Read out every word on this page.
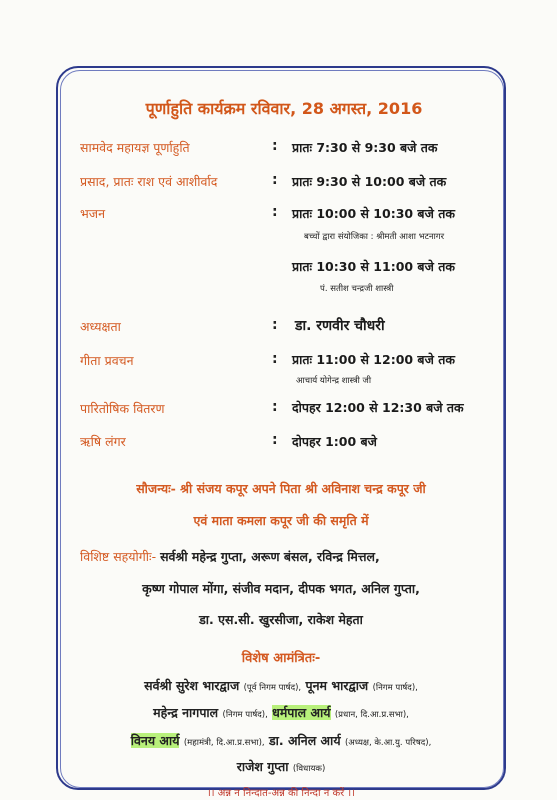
पूर्णाहुति कार्यक्रम रविवार, 28 अगस्त, 2016
सामवेद महायज्ञ पूर्णाहुति	: प्रातः 7:30 से 9:30 बजे तक
प्रसाद, प्रातः राश एवं आशीर्वाद	: प्रातः 9:30 से 10:00 बजे तक
भजन	: प्रातः 10:00 से 10:30 बजे तक
बच्चों द्वारा संयोजिका : श्रीमती आशा भटनागर
प्रातः 10:30 से 11:00 बजे तक
पं. सतीश चन्द्रजी शास्त्री
अध्यक्षता	: डा. रणवीर चौधरी
गीता प्रवचन	: प्रातः 11:00 से 12:00 बजे तक
आचार्य योगेन्द्र शास्त्री जी
पारितोषिक वितरण	: दोपहर 12:00 से 12:30 बजे तक
ऋषि लंगर	: दोपहर 1:00 बजे
सौजन्यः- श्री संजय कपूर अपने पिता श्री अविनाश चन्द्र कपूर जी
एवं माता कमला कपूर जी की समृति में
विशिष्ट सहयोगीः- सर्वश्री महेन्द्र गुप्ता, अरूण बंसल, रविन्द्र मित्तल,
कृष्ण गोपाल मोंगा, संजीव मदान, दीपक भगत, अनिल गुप्ता,
डा. एस.सी. खुरसीजा, राकेश मेहता
विशेष आमंत्रितः-
सर्वश्री सुरेश भारद्वाज (पूर्व निगम पार्षद), पूनम भारद्वाज (निगम पार्षद),
महेन्द्र नागपाल (निगम पार्षद), धर्मपाल आर्य (प्रधान, दि.आ.प्र.सभा),
विनय आर्य (महामंत्री, दि.आ.प्र.सभा), डा. अनिल आर्य (अध्यक्ष, के.आ.यु. परिषद),
राजेश गुप्ता (विधायक)
।। अन्न न निन्दात-अन्न की निन्दा न करें ।।
